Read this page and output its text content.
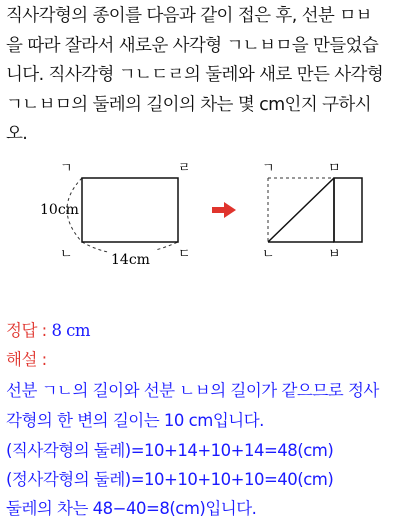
직사각형의 종이를 다음과 같이 접은 후, 선분 ㅁㅂ

을 따라 잘라서 새로운 사각형 ㄱㄴㅂㅁ을 만들었습

니다. 직사각형 ㄱㄴㄷㄹ의 둘레와 새로 만든 사각형

ㄱㄴㅂㅁ의 둘레의 길이의 차는 몇 cm인지 구하시

오.

ㄱ	ㄹ
ㄴ	ㄷ
10cm
14cm
ㄱ	ㅁ
ㄴ	ㅂ

정답 : 8 cm

해설 :

선분 ㄱㄴ의 길이와 선분 ㄴㅂ의 길이가 같으므로 정사

각형의 한 변의 길이는 10 cm입니다.

(직사각형의 둘레)=10+14+10+14=48(cm)

(정사각형의 둘레)=10+10+10+10=40(cm)

둘레의 차는 48−40=8(cm)입니다.
